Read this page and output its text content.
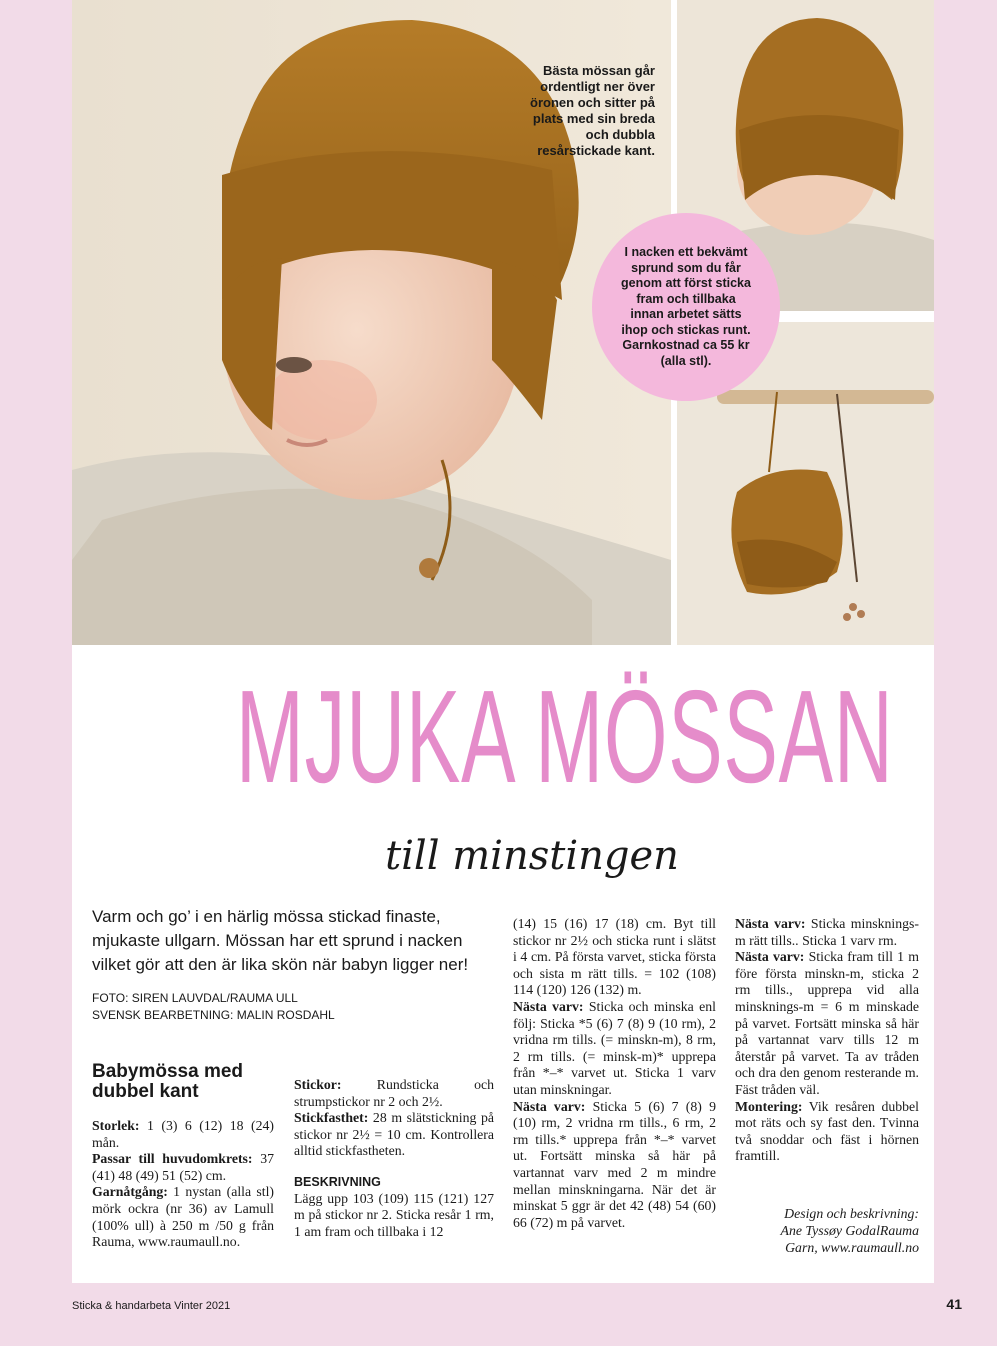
Bästa mössan går ordentligt ner över öronen och sitter på plats med sin breda och dubbla resårstickade kant.
I nacken ett bekvämt sprund som du får genom att först sticka fram och tillbaka innan arbetet sätts ihop och stickas runt. Garnkostnad ca 55 kr (alla stl).
MJUKA MÖSSAN
till minstingen
Varm och go’ i en härlig mössa stickad finaste, mjukaste ullgarn. Mössan har ett sprund i nacken vilket gör att den är lika skön när babyn ligger ner!
FOTO: SIREN LAUVDAL/RAUMA ULL
SVENSK BEARBETNING: MALIN ROSDAHL
Babymössa med dubbel kant

Storlek: 1 (3) 6 (12) 18 (24) mån.

Passar till huvudomkrets: 37 (41) 48 (49) 51 (52) cm.

Garnåtgång: 1 nystan (alla stl) mörk ockra (nr 36) av Lamull (100% ull) à 250 m /50 g från Rauma, www.raumaull.no.

Stickor: Rundsticka och strumpstickor nr 2 och 2½.

Stickfasthet: 28 m slätstickning på stickor nr 2½ = 10 cm. Kontrollera alltid stickfastheten.

BESKRIVNING

Lägg upp 103 (109) 115 (121) 127 m på stickor nr 2. Sticka resår 1 rm, 1 am fram och tillbaka i 12

(14) 15 (16) 17 (18) cm. Byt till stickor nr 2½ och sticka runt i slätst i 4 cm. På första varvet, sticka första och sista m rätt tills. = 102 (108) 114 (120) 126 (132) m.

Nästa varv: Sticka och minska enl följ: Sticka *5 (6) 7 (8) 9 (10 rm), 2 vridna rm tills. (= minskn-m), 8 rm, 2 rm tills. (= minsk-m)* upprepa från *–* varvet ut. Sticka 1 varv utan minskningar.

Nästa varv: Sticka 5 (6) 7 (8) 9 (10) rm, 2 vridna rm tills., 6 rm, 2 rm tills.* upprepa från *–* varvet ut. Fortsätt minska så här på vartannat varv med 2 m mindre mellan minskningarna. När det är minskat 5 ggr är det 42 (48) 54 (60) 66 (72) m på varvet.

Nästa varv: Sticka minsknings-m rätt tills.. Sticka 1 varv rm.

Nästa varv: Sticka fram till 1 m före första minskn-m, sticka 2 rm tills., upprepa vid alla minsknings-m = 6 m minskade på varvet. Fortsätt minska så här på vartannat varv tills 12 m återstår på varvet. Ta av tråden och dra den genom resterande m. Fäst tråden väl.

Montering: Vik resåren dubbel mot räts och sy fast den. Tvinna två snoddar och fäst i hörnen framtill.

Design och beskrivning:
Ane Tyssøy GodalRauma
Garn, www.raumaull.no
Sticka & handarbeta Vinter 2021	41
